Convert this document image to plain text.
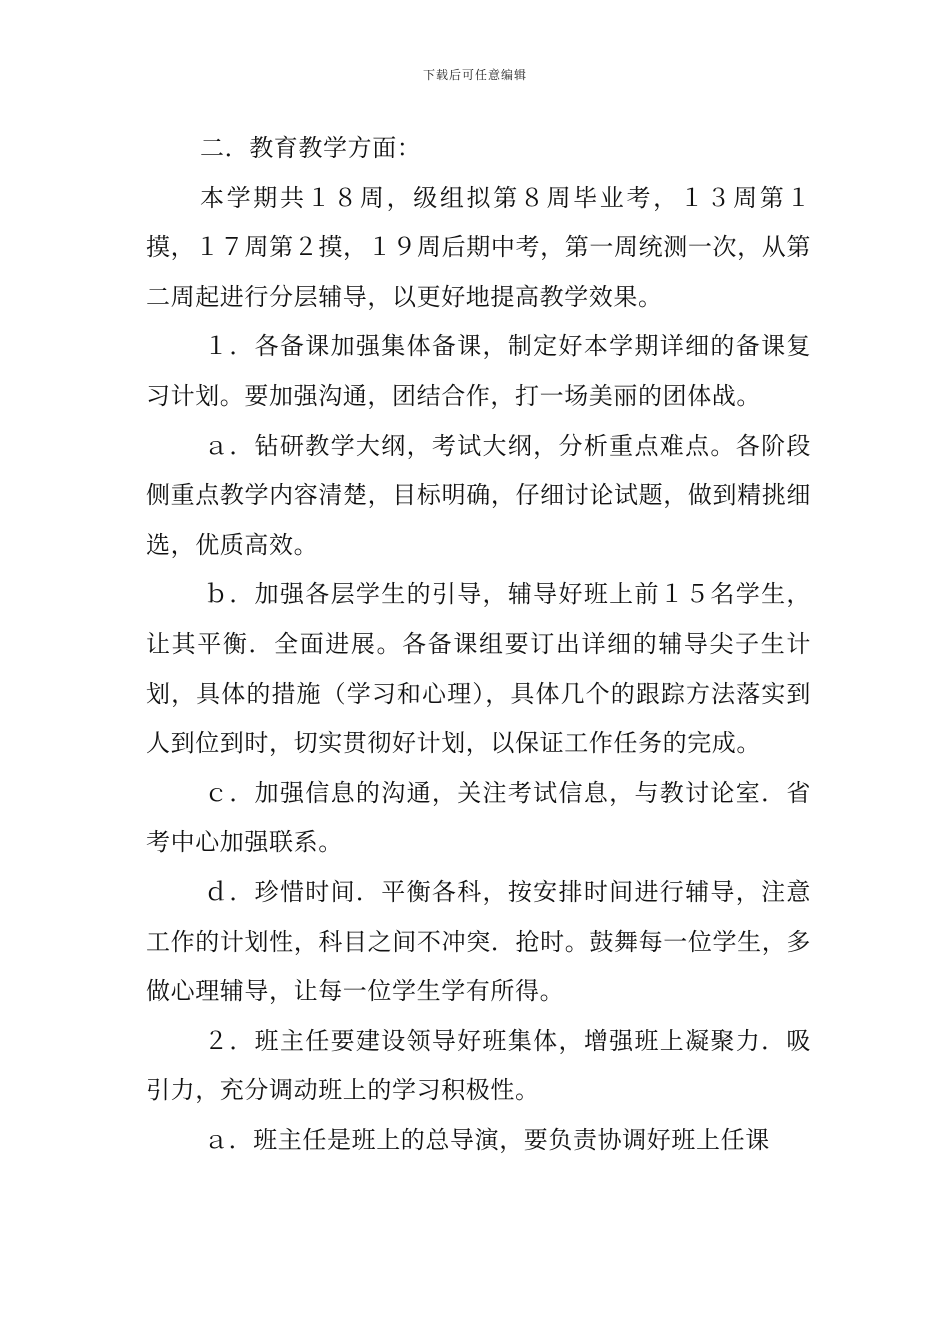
下载后可任意编辑

二．教育教学方面：

本学期共１８周，级组拟第８周毕业考，１３周第１摸，１７周第２摸，１９周后期中考，第一周统测一次，从第二周起进行分层辅导，以更好地提高教学效果。

１．各备课加强集体备课，制定好本学期详细的备课复习计划。要加强沟通，团结合作，打一场美丽的团体战。

ａ．钻研教学大纲，考试大纲，分析重点难点。各阶段侧重点教学内容清楚，目标明确，仔细讨论试题，做到精挑细选，优质高效。

ｂ．加强各层学生的引导，辅导好班上前１５名学生，让其平衡．全面进展。各备课组要订出详细的辅导尖子生计划，具体的措施（学习和心理），具体几个的跟踪方法落实到人到位到时，切实贯彻好计划，以保证工作任务的完成。

ｃ．加强信息的沟通，关注考试信息，与教讨论室．省考中心加强联系。

ｄ．珍惜时间．平衡各科，按安排时间进行辅导，注意工作的计划性，科目之间不冲突．抢时。鼓舞每一位学生，多做心理辅导，让每一位学生学有所得。

２．班主任要建设领导好班集体，增强班上凝聚力．吸引力，充分调动班上的学习积极性。

ａ．班主任是班上的总导演，要负责协调好班上任课
